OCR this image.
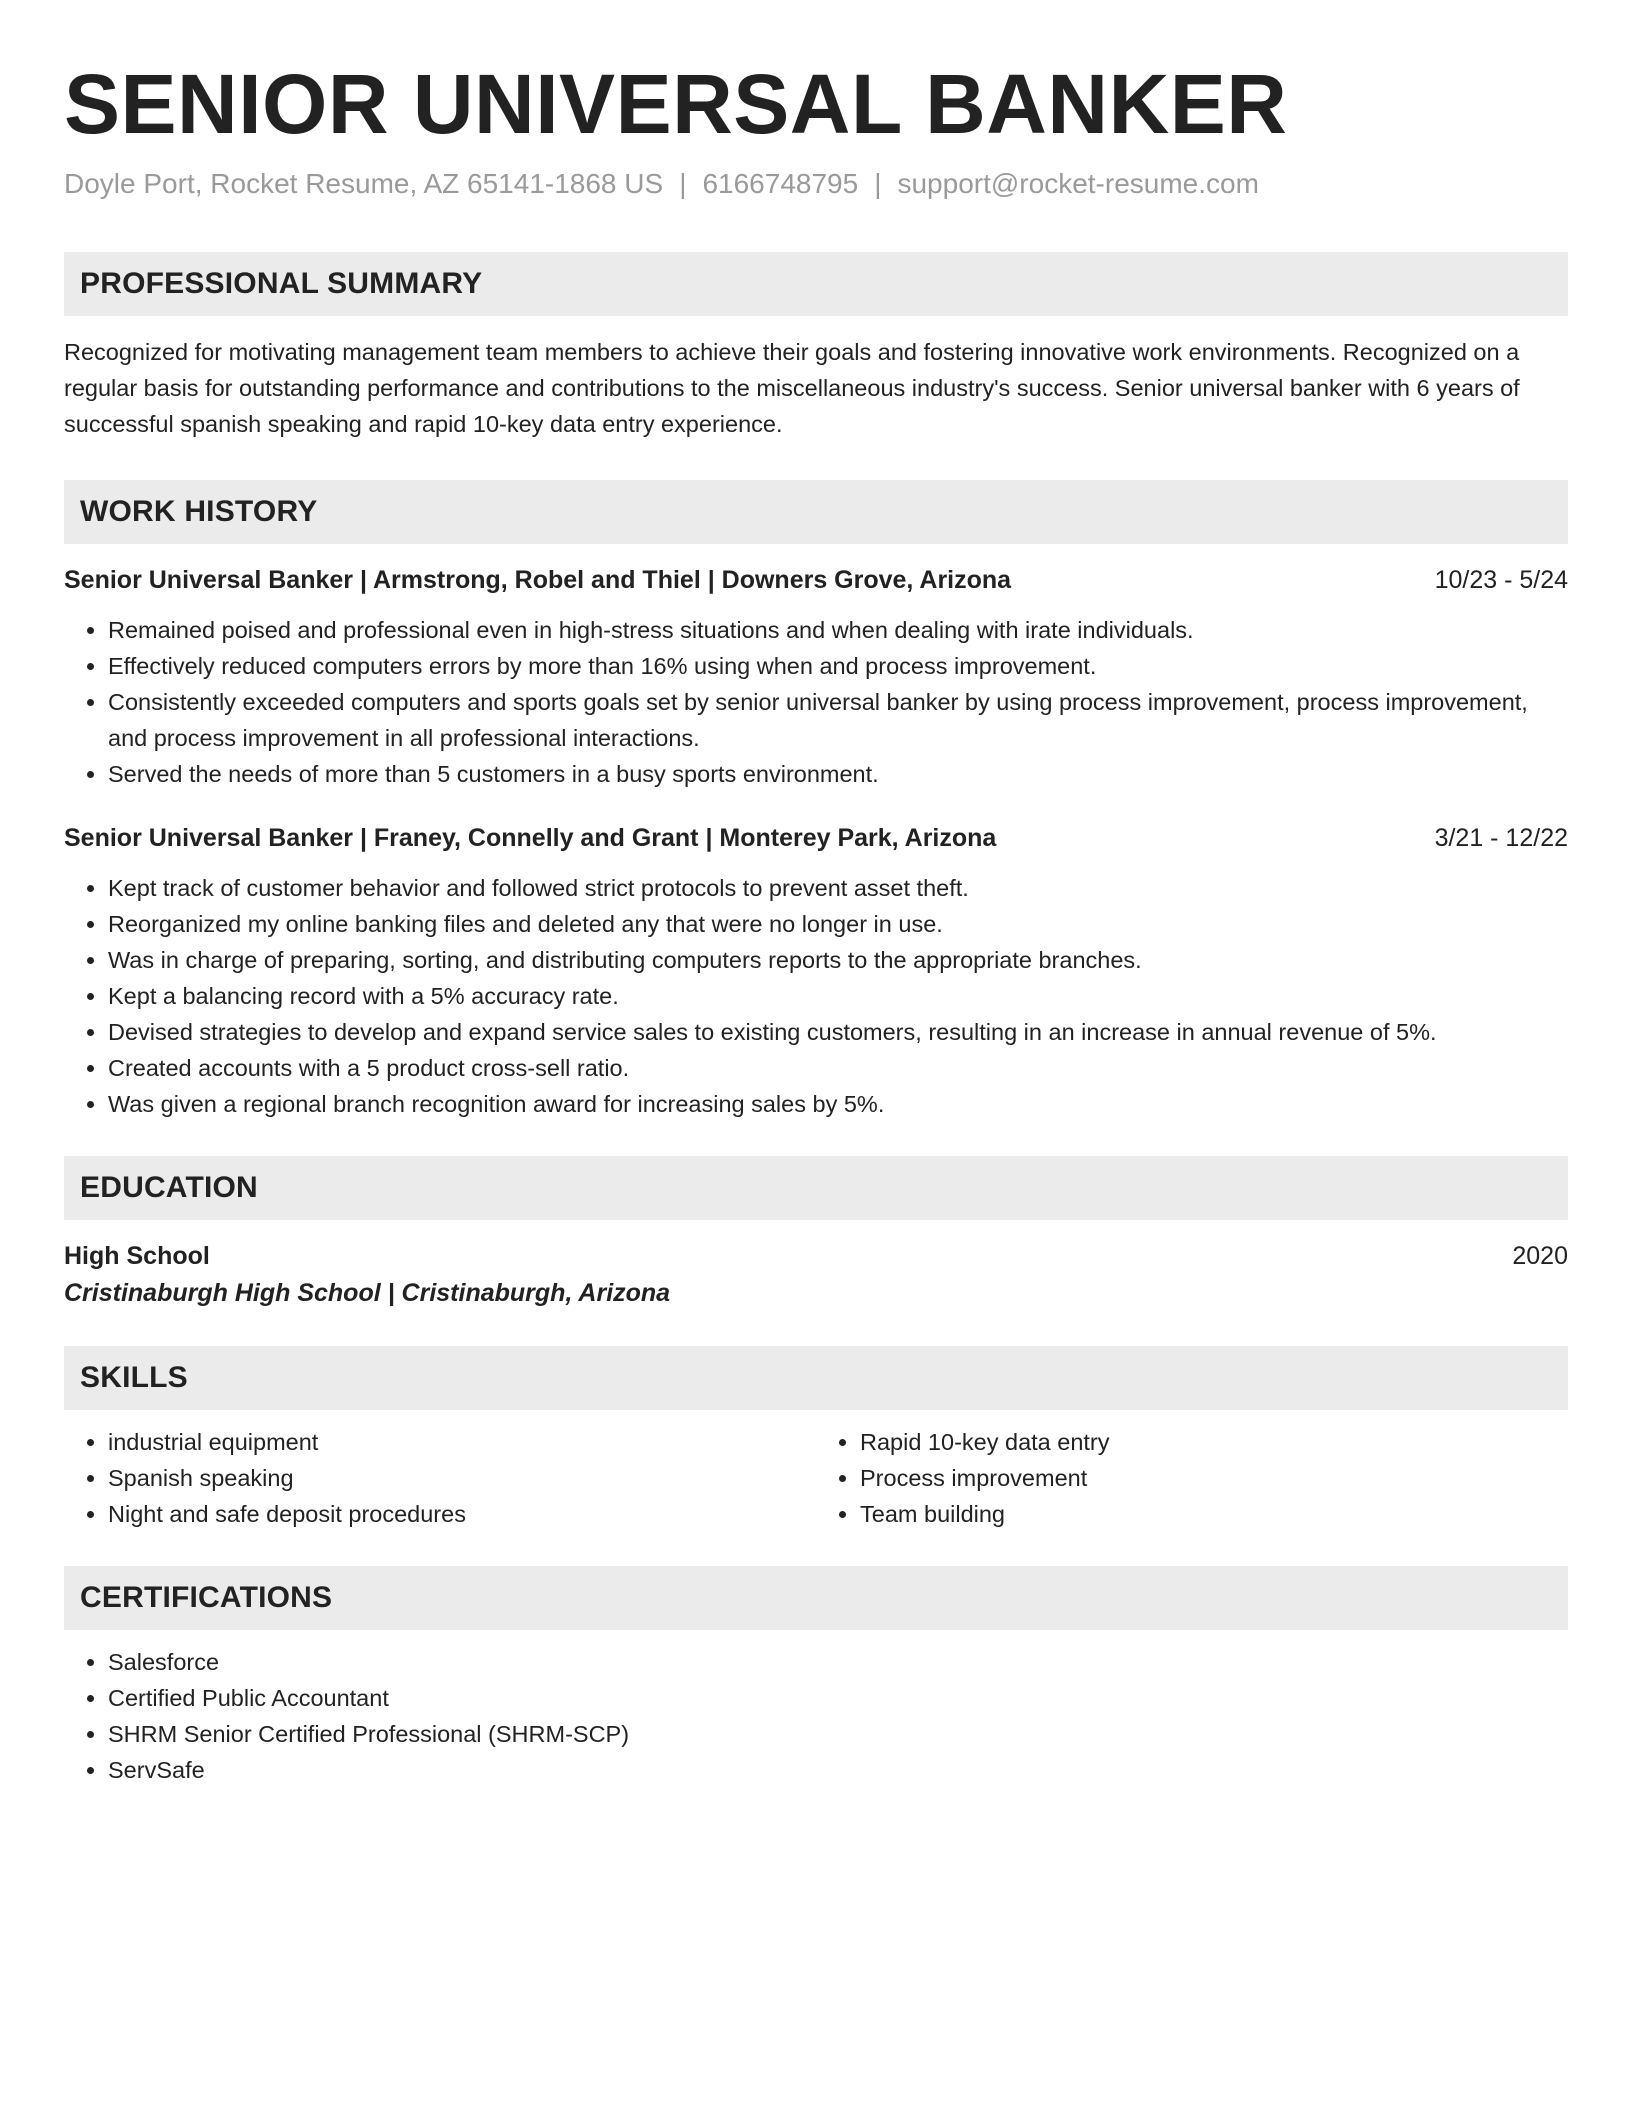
SENIOR UNIVERSAL BANKER
Doyle Port, Rocket Resume, AZ 65141-1868 US | 6166748795 | support@rocket-resume.com
PROFESSIONAL SUMMARY
Recognized for motivating management team members to achieve their goals and fostering innovative work environments. Recognized on a regular basis for outstanding performance and contributions to the miscellaneous industry's success. Senior universal banker with 6 years of successful spanish speaking and rapid 10-key data entry experience.
WORK HISTORY
Senior Universal Banker | Armstrong, Robel and Thiel | Downers Grove, Arizona	10/23 - 5/24
• Remained poised and professional even in high-stress situations and when dealing with irate individuals.
• Effectively reduced computers errors by more than 16% using when and process improvement.
• Consistently exceeded computers and sports goals set by senior universal banker by using process improvement, process improvement, and process improvement in all professional interactions.
• Served the needs of more than 5 customers in a busy sports environment.
Senior Universal Banker | Franey, Connelly and Grant | Monterey Park, Arizona	3/21 - 12/22
• Kept track of customer behavior and followed strict protocols to prevent asset theft.
• Reorganized my online banking files and deleted any that were no longer in use.
• Was in charge of preparing, sorting, and distributing computers reports to the appropriate branches.
• Kept a balancing record with a 5% accuracy rate.
• Devised strategies to develop and expand service sales to existing customers, resulting in an increase in annual revenue of 5%.
• Created accounts with a 5 product cross-sell ratio.
• Was given a regional branch recognition award for increasing sales by 5%.
EDUCATION
High School	2020
Cristinaburgh High School | Cristinaburgh, Arizona
SKILLS
• industrial equipment
• Spanish speaking
• Night and safe deposit procedures
• Rapid 10-key data entry
• Process improvement
• Team building
CERTIFICATIONS
• Salesforce
• Certified Public Accountant
• SHRM Senior Certified Professional (SHRM-SCP)
• ServSafe
